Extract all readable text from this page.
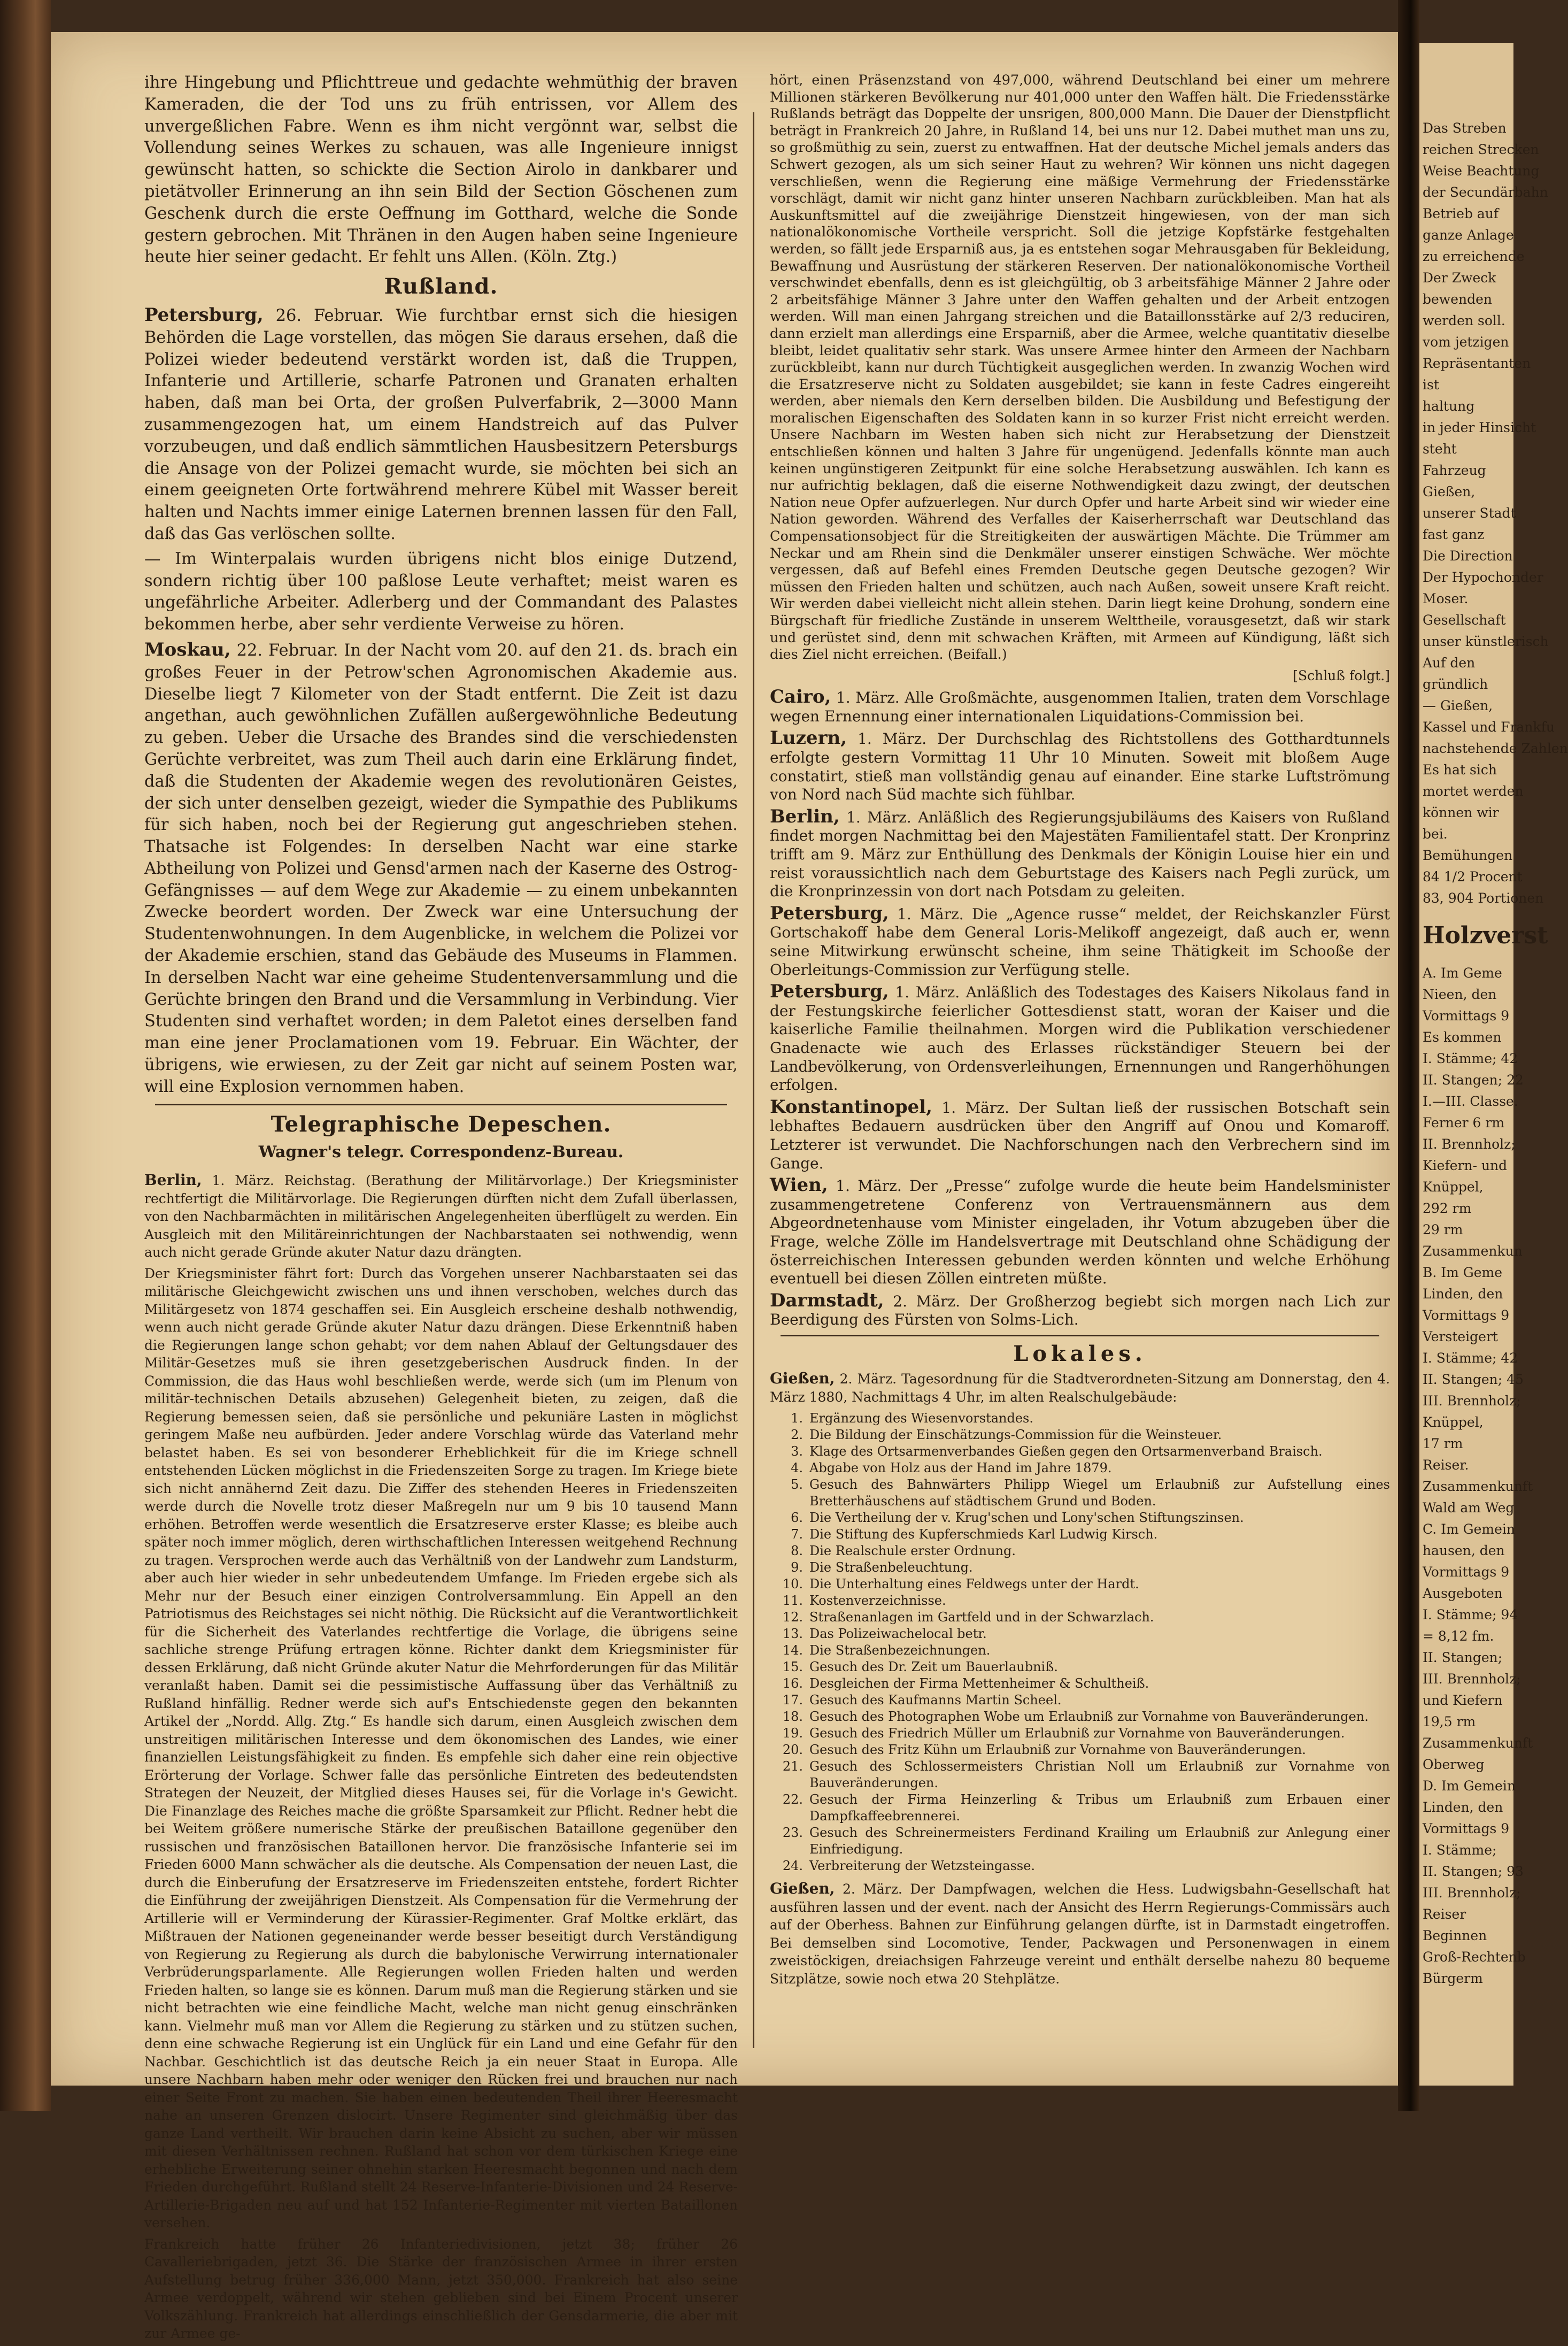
ihre Hingebung und Pflichttreue und gedachte wehmüthig der braven Kameraden, die der Tod uns zu früh entrissen, vor Allem des unvergeßlichen Fabre. Wenn es ihm nicht vergönnt war, selbst die Vollendung seines Werkes zu schauen, was alle Ingenieure innigst gewünscht hatten, so schickte die Section Airolo in dankbarer und pietätvoller Erinnerung an ihn sein Bild der Section Göschenen zum Geschenk durch die erste Oeffnung im Gotthard, welche die Sonde gestern gebrochen. Mit Thränen in den Augen haben seine Ingenieure heute hier seiner gedacht. Er fehlt uns Allen. (Köln. Ztg.)

Rußland.

Petersburg, 26. Februar. Wie furchtbar ernst sich die hiesigen Behörden die Lage vorstellen, das mögen Sie daraus ersehen, daß die Polizei wieder bedeutend verstärkt worden ist, daß die Truppen, Infanterie und Artillerie, scharfe Patronen und Granaten erhalten haben, daß man bei Orta, der großen Pulverfabrik, 2—3000 Mann zusammengezogen hat, um einem Handstreich auf das Pulver vorzubeugen, und daß endlich sämmtlichen Hausbesitzern Petersburgs die Ansage von der Polizei gemacht wurde, sie möchten bei sich an einem geeigneten Orte fortwährend mehrere Kübel mit Wasser bereit halten und Nachts immer einige Laternen brennen lassen für den Fall, daß das Gas verlöschen sollte.

— Im Winterpalais wurden übrigens nicht blos einige Dutzend, sondern richtig über 100 paßlose Leute verhaftet; meist waren es ungefährliche Arbeiter. Adlerberg und der Commandant des Palastes bekommen herbe, aber sehr verdiente Verweise zu hören.

Moskau, 22. Februar. In der Nacht vom 20. auf den 21. ds. brach ein großes Feuer in der Petrow'schen Agronomischen Akademie aus. Dieselbe liegt 7 Kilometer von der Stadt entfernt. Die Zeit ist dazu angethan, auch gewöhnlichen Zufällen außergewöhnliche Bedeutung zu geben. Ueber die Ursache des Brandes sind die verschiedensten Gerüchte verbreitet, was zum Theil auch darin eine Erklärung findet, daß die Studenten der Akademie wegen des revolutionären Geistes, der sich unter denselben gezeigt, wieder die Sympathie des Publikums für sich haben, noch bei der Regierung gut angeschrieben stehen. Thatsache ist Folgendes: In derselben Nacht war eine starke Abtheilung von Polizei und Gensd'armen nach der Kaserne des Ostrog-Gefängnisses — auf dem Wege zur Akademie — zu einem unbekannten Zwecke beordert worden. Der Zweck war eine Untersuchung der Studentenwohnungen. In dem Augenblicke, in welchem die Polizei vor der Akademie erschien, stand das Gebäude des Museums in Flammen. In derselben Nacht war eine geheime Studentenversammlung und die Gerüchte bringen den Brand und die Versammlung in Verbindung. Vier Studenten sind verhaftet worden; in dem Paletot eines derselben fand man eine jener Proclamationen vom 19. Februar. Ein Wächter, der übrigens, wie erwiesen, zu der Zeit gar nicht auf seinem Posten war, will eine Explosion vernommen haben.

Telegraphische Depeschen.
Wagner's telegr. Correspondenz-Bureau.

Berlin, 1. März. Reichstag. (Berathung der Militärvorlage.) Der Kriegsminister rechtfertigt die Militärvorlage. Die Regierungen dürften nicht dem Zufall überlassen, von den Nachbarmächten in militärischen Angelegenheiten überflügelt zu werden. Ein Ausgleich mit den Militäreinrichtungen der Nachbarstaaten sei nothwendig, wenn auch nicht gerade Gründe akuter Natur dazu drängten.

Der Kriegsminister fährt fort: Durch das Vorgehen unserer Nachbarstaaten sei das militärische Gleichgewicht zwischen uns und ihnen verschoben, welches durch das Militärgesetz von 1874 geschaffen sei. Ein Ausgleich erscheine deshalb nothwendig, wenn auch nicht gerade Gründe akuter Natur dazu drängen. Diese Erkenntniß haben die Regierungen lange schon gehabt; vor dem nahen Ablauf der Geltungsdauer des Militär-Gesetzes muß sie ihren gesetzgeberischen Ausdruck finden. In der Commission, die das Haus wohl beschließen werde, werde sich (um im Plenum von militär-technischen Details abzusehen) Gelegenheit bieten, zu zeigen, daß die Regierung bemessen seien, daß sie persönliche und pekuniäre Lasten in möglichst geringem Maße neu aufbürden. Jeder andere Vorschlag würde das Vaterland mehr belastet haben. Es sei von besonderer Erheblichkeit für die im Kriege schnell entstehenden Lücken möglichst in die Friedenszeiten Sorge zu tragen. Im Kriege biete sich nicht annähernd Zeit dazu. Die Ziffer des stehenden Heeres in Friedenszeiten werde durch die Novelle trotz dieser Maßregeln nur um 9 bis 10 tausend Mann erhöhen. Betroffen werde wesentlich die Ersatzreserve erster Klasse; es bleibe auch später noch immer möglich, deren wirthschaftlichen Interessen weitgehend Rechnung zu tragen. Versprochen werde auch das Verhältniß von der Landwehr zum Landsturm, aber auch hier wieder in sehr unbedeutendem Umfange. Im Frieden ergebe sich als Mehr nur der Besuch einer einzigen Controlversammlung. Ein Appell an den Patriotismus des Reichstages sei nicht nöthig. Die Rücksicht auf die Verantwortlichkeit für die Sicherheit des Vaterlandes rechtfertige die Vorlage, die übrigens seine sachliche strenge Prüfung ertragen könne. Richter dankt dem Kriegsminister für dessen Erklärung, daß nicht Gründe akuter Natur die Mehrforderungen für das Militär veranlaßt haben. Damit sei die pessimistische Auffassung über das Verhältniß zu Rußland hinfällig. Redner werde sich auf's Entschiedenste gegen den bekannten Artikel der „Nordd. Allg. Ztg.“ Es handle sich darum, einen Ausgleich zwischen dem unstreitigen militärischen Interesse und dem ökonomischen des Landes, wie einer finanziellen Leistungsfähigkeit zu finden. Es empfehle sich daher eine rein objective Erörterung der Vorlage. Schwer falle das persönliche Eintreten des bedeutendsten Strategen der Neuzeit, der Mitglied dieses Hauses sei, für die Vorlage in's Gewicht. Die Finanzlage des Reiches mache die größte Sparsamkeit zur Pflicht. Redner hebt die bei Weitem größere numerische Stärke der preußischen Bataillone gegenüber den russischen und französischen Bataillonen hervor. Die französische Infanterie sei im Frieden 6000 Mann schwächer als die deutsche. Als Compensation der neuen Last, die durch die Einberufung der Ersatzreserve im Friedenszeiten entstehe, fordert Richter die Einführung der zweijährigen Dienstzeit. Als Compensation für die Vermehrung der Artillerie will er Verminderung der Kürassier-Regimenter. Graf Moltke erklärt, das Mißtrauen der Nationen gegeneinander werde besser beseitigt durch Verständigung von Regierung zu Regierung als durch die babylonische Verwirrung internationaler Verbrüderungsparlamente. Alle Regierungen wollen Frieden halten und werden Frieden halten, so lange sie es können. Darum muß man die Regierung stärken und sie nicht betrachten wie eine feindliche Macht, welche man nicht genug einschränken kann. Vielmehr muß man vor Allem die Regierung zu stärken und zu stützen suchen, denn eine schwache Regierung ist ein Unglück für ein Land und eine Gefahr für den Nachbar. Geschichtlich ist das deutsche Reich ja ein neuer Staat in Europa. Alle unsere Nachbarn haben mehr oder weniger den Rücken frei und brauchen nur nach einer Seite Front zu machen. Sie haben einen bedeutenden Theil ihrer Heeresmacht nahe an unseren Grenzen dislocirt. Unsere Regimenter sind gleichmäßig über das ganze Land vertheilt. Wir brauchen darin keine Absicht zu suchen, aber wir müssen mit diesen Verhältnissen rechnen. Rußland hat schon vor dem türkischen Kriege eine erhebliche Erweiterung seiner ohnehin starken Heeresmacht begonnen und nach dem Frieden durchgeführt. Rußland stellt 24 Reserve-Infanterie-Divisionen und 24 Reserve-Artillerie-Brigaden neu auf und hat 152 Infanterie-Regimenter mit vierten Bataillonen versehen.

Frankreich hatte früher 26 Infanteriedivisionen, jetzt 38; früher 26 Cavalleriebrigaden, jetzt 36. Die Stärke der französischen Armee in ihrer ersten Aufstellung betrug früher 336,000 Mann, jetzt 350,000. Frankreich hat also seine Armee verdoppelt, während wir stehen geblieben sind bei Einem Procent unserer Volkszählung. Frankreich hat allerdings einschließlich der Gensdarmerie, die aber mit zur Armee ge-

hört, einen Präsenzstand von 497,000, während Deutschland bei einer um mehrere Millionen stärkeren Bevölkerung nur 401,000 unter den Waffen hält. Die Friedensstärke Rußlands beträgt das Doppelte der unsrigen, 800,000 Mann. Die Dauer der Dienstpflicht beträgt in Frankreich 20 Jahre, in Rußland 14, bei uns nur 12. Dabei muthet man uns zu, so großmüthig zu sein, zuerst zu entwaffnen. Hat der deutsche Michel jemals anders das Schwert gezogen, als um sich seiner Haut zu wehren? Wir können uns nicht dagegen verschließen, wenn die Regierung eine mäßige Vermehrung der Friedensstärke vorschlägt, damit wir nicht ganz hinter unseren Nachbarn zurückbleiben. Man hat als Auskunftsmittel auf die zweijährige Dienstzeit hingewiesen, von der man sich nationalökonomische Vortheile verspricht. Soll die jetzige Kopfstärke festgehalten werden, so fällt jede Ersparniß aus, ja es entstehen sogar Mehrausgaben für Bekleidung, Bewaffnung und Ausrüstung der stärkeren Reserven. Der nationalökonomische Vortheil verschwindet ebenfalls, denn es ist gleichgültig, ob 3 arbeitsfähige Männer 2 Jahre oder 2 arbeitsfähige Männer 3 Jahre unter den Waffen gehalten und der Arbeit entzogen werden. Will man einen Jahrgang streichen und die Bataillonsstärke auf 2/3 reduciren, dann erzielt man allerdings eine Ersparniß, aber die Armee, welche quantitativ dieselbe bleibt, leidet qualitativ sehr stark. Was unsere Armee hinter den Armeen der Nachbarn zurückbleibt, kann nur durch Tüchtigkeit ausgeglichen werden. In zwanzig Wochen wird die Ersatzreserve nicht zu Soldaten ausgebildet; sie kann in feste Cadres eingereiht werden, aber niemals den Kern derselben bilden. Die Ausbildung und Befestigung der moralischen Eigenschaften des Soldaten kann in so kurzer Frist nicht erreicht werden. Unsere Nachbarn im Westen haben sich nicht zur Herabsetzung der Dienstzeit entschließen können und halten 3 Jahre für ungenügend. Jedenfalls könnte man auch keinen ungünstigeren Zeitpunkt für eine solche Herabsetzung auswählen. Ich kann es nur aufrichtig beklagen, daß die eiserne Nothwendigkeit dazu zwingt, der deutschen Nation neue Opfer aufzuerlegen. Nur durch Opfer und harte Arbeit sind wir wieder eine Nation geworden. Während des Verfalles der Kaiserherrschaft war Deutschland das Compensationsobject für die Streitigkeiten der auswärtigen Mächte. Die Trümmer am Neckar und am Rhein sind die Denkmäler unserer einstigen Schwäche. Wer möchte vergessen, daß auf Befehl eines Fremden Deutsche gegen Deutsche gezogen? Wir müssen den Frieden halten und schützen, auch nach Außen, soweit unsere Kraft reicht. Wir werden dabei vielleicht nicht allein stehen. Darin liegt keine Drohung, sondern eine Bürgschaft für friedliche Zustände in unserem Welttheile, vorausgesetzt, daß wir stark und gerüstet sind, denn mit schwachen Kräften, mit Armeen auf Kündigung, läßt sich dies Ziel nicht erreichen. (Beifall.)

[Schluß folgt.]

Cairo, 1. März. Alle Großmächte, ausgenommen Italien, traten dem Vorschlage wegen Ernennung einer internationalen Liquidations-Commission bei.

Luzern, 1. März. Der Durchschlag des Richtstollens des Gotthardtunnels erfolgte gestern Vormittag 11 Uhr 10 Minuten. Soweit mit bloßem Auge constatirt, stieß man vollständig genau auf einander. Eine starke Luftströmung von Nord nach Süd machte sich fühlbar.

Berlin, 1. März. Anläßlich des Regierungsjubiläums des Kaisers von Rußland findet morgen Nachmittag bei den Majestäten Familientafel statt. Der Kronprinz trifft am 9. März zur Enthüllung des Denkmals der Königin Louise hier ein und reist voraussichtlich nach dem Geburtstage des Kaisers nach Pegli zurück, um die Kronprinzessin von dort nach Potsdam zu geleiten.

Petersburg, 1. März. Die „Agence russe“ meldet, der Reichskanzler Fürst Gortschakoff habe dem General Loris-Melikoff angezeigt, daß auch er, wenn seine Mitwirkung erwünscht scheine, ihm seine Thätigkeit im Schooße der Oberleitungs-Commission zur Verfügung stelle.

Petersburg, 1. März. Anläßlich des Todestages des Kaisers Nikolaus fand in der Festungskirche feierlicher Gottesdienst statt, woran der Kaiser und die kaiserliche Familie theilnahmen. Morgen wird die Publikation verschiedener Gnadenacte wie auch des Erlasses rückständiger Steuern bei der Landbevölkerung, von Ordensverleihungen, Ernennungen und Rangerhöhungen erfolgen.

Konstantinopel, 1. März. Der Sultan ließ der russischen Botschaft sein lebhaftes Bedauern ausdrücken über den Angriff auf Onou und Komaroff. Letzterer ist verwundet. Die Nachforschungen nach den Verbrechern sind im Gange.

Wien, 1. März. Der „Presse“ zufolge wurde die heute beim Handelsminister zusammengetretene Conferenz von Vertrauensmännern aus dem Abgeordnetenhause vom Minister eingeladen, ihr Votum abzugeben über die Frage, welche Zölle im Handelsvertrage mit Deutschland ohne Schädigung der österreichischen Interessen gebunden werden könnten und welche Erhöhung eventuell bei diesen Zöllen eintreten müßte.

Darmstadt, 2. März. Der Großherzog begiebt sich morgen nach Lich zur Beerdigung des Fürsten von Solms-Lich.

Lokales.

Gießen, 2. März. Tagesordnung für die Stadtverordneten-Sitzung am Donnerstag, den 4. März 1880, Nachmittags 4 Uhr, im alten Realschulgebäude:

1. Ergänzung des Wiesenvorstandes.
2. Die Bildung der Einschätzungs-Commission für die Weinsteuer.
3. Klage des Ortsarmenverbandes Gießen gegen den Ortsarmenverband Braisch.
4. Abgabe von Holz aus der Hand im Jahre 1879.
5. Gesuch des Bahnwärters Philipp Wiegel um Erlaubniß zur Aufstellung eines Bretterhäuschens auf städtischem Grund und Boden.
6. Die Vertheilung der v. Krug'schen und Lony'schen Stiftungszinsen.
7. Die Stiftung des Kupferschmieds Karl Ludwig Kirsch.
8. Die Realschule erster Ordnung.
9. Die Straßenbeleuchtung.
10. Die Unterhaltung eines Feldwegs unter der Hardt.
11. Kostenverzeichnisse.
12. Straßenanlagen im Gartfeld und in der Schwarzlach.
13. Das Polizeiwachelocal betr.
14. Die Straßenbezeichnungen.
15. Gesuch des Dr. Zeit um Bauerlaubniß.
16. Desgleichen der Firma Mettenheimer & Schultheiß.
17. Gesuch des Kaufmanns Martin Scheel.
18. Gesuch des Photographen Wobe um Erlaubniß zur Vornahme von Bauveränderungen.
19. Gesuch des Friedrich Müller um Erlaubniß zur Vornahme von Bauveränderungen.
20. Gesuch des Fritz Kühn um Erlaubniß zur Vornahme von Bauveränderungen.
21. Gesuch des Schlossermeisters Christian Noll um Erlaubniß zur Vornahme von Bauveränderungen.
22. Gesuch der Firma Heinzerling & Tribus um Erlaubniß zum Erbauen einer Dampfkaffeebrennerei.
23. Gesuch des Schreinermeisters Ferdinand Krailing um Erlaubniß zur Anlegung einer Einfriedigung.
24. Verbreiterung der Wetzsteingasse.

Gießen, 2. März. Der Dampfwagen, welchen die Hess. Ludwigsbahn-Gesellschaft hat ausführen lassen und der event. nach der Ansicht des Herrn Regierungs-Commissärs auch auf der Oberhess. Bahnen zur Einführung gelangen dürfte, ist in Darmstadt eingetroffen. Bei demselben sind Locomotive, Tender, Packwagen und Personenwagen in einem zweistöckigen, dreiachsigen Fahrzeuge vereint und enthält derselbe nahezu 80 bequeme Sitzplätze, sowie noch etwa 20 Stehplätze.

Das Streben
reichen Strecken
Weise Beachtung
der Secundärbahn
Betrieb auf
ganze Anlage
zu erreichende
Der Zweck
bewenden
werden soll.
vom jetzigen
Repräsentanten
ist
haltung
in jeder Hinsicht
steht
Fahrzeug
Gießen,
unserer Stadt
fast ganz
Die Direction
Der Hypochonder
Moser.
Gesellschaft
unser künstlerisch
Auf den
gründlich
— Gießen,
Kassel und Frankfu
nachstehende Zahlen
Es hat sich
mortet werden
können wir
bei.
Bemühungen
84 1/2 Procent
83, 904 Portionen
Holzverst
A. Im Geme
Nieen, den
Vormittags 9
Es kommen
I. Stämme; 42
II. Stangen; 22
I.—III. Classe.
Ferner 6 rm
II. Brennholz;
Kiefern- und
Knüppel,
292 rm
29 rm
Zusammenkun
B. Im Geme
Linden, den
Vormittags 9
Versteigert
I. Stämme; 42
II. Stangen; 45
III. Brennholz;
Knüppel,
17 rm
Reiser.
Zusammenkunft
Wald am Weg
C. Im Gemein
hausen, den
Vormittags 9
Ausgeboten
I. Stämme; 94
= 8,12 fm.
II. Stangen;
III. Brennholz;
und Kiefern
19,5 rm
Zusammenkunft
Oberweg
D. Im Gemein
Linden, den
Vormittags 9
I. Stämme;
II. Stangen; 93
III. Brennholz;
Reiser
Beginnen
Groß-Rechtenb
Bürgerm
